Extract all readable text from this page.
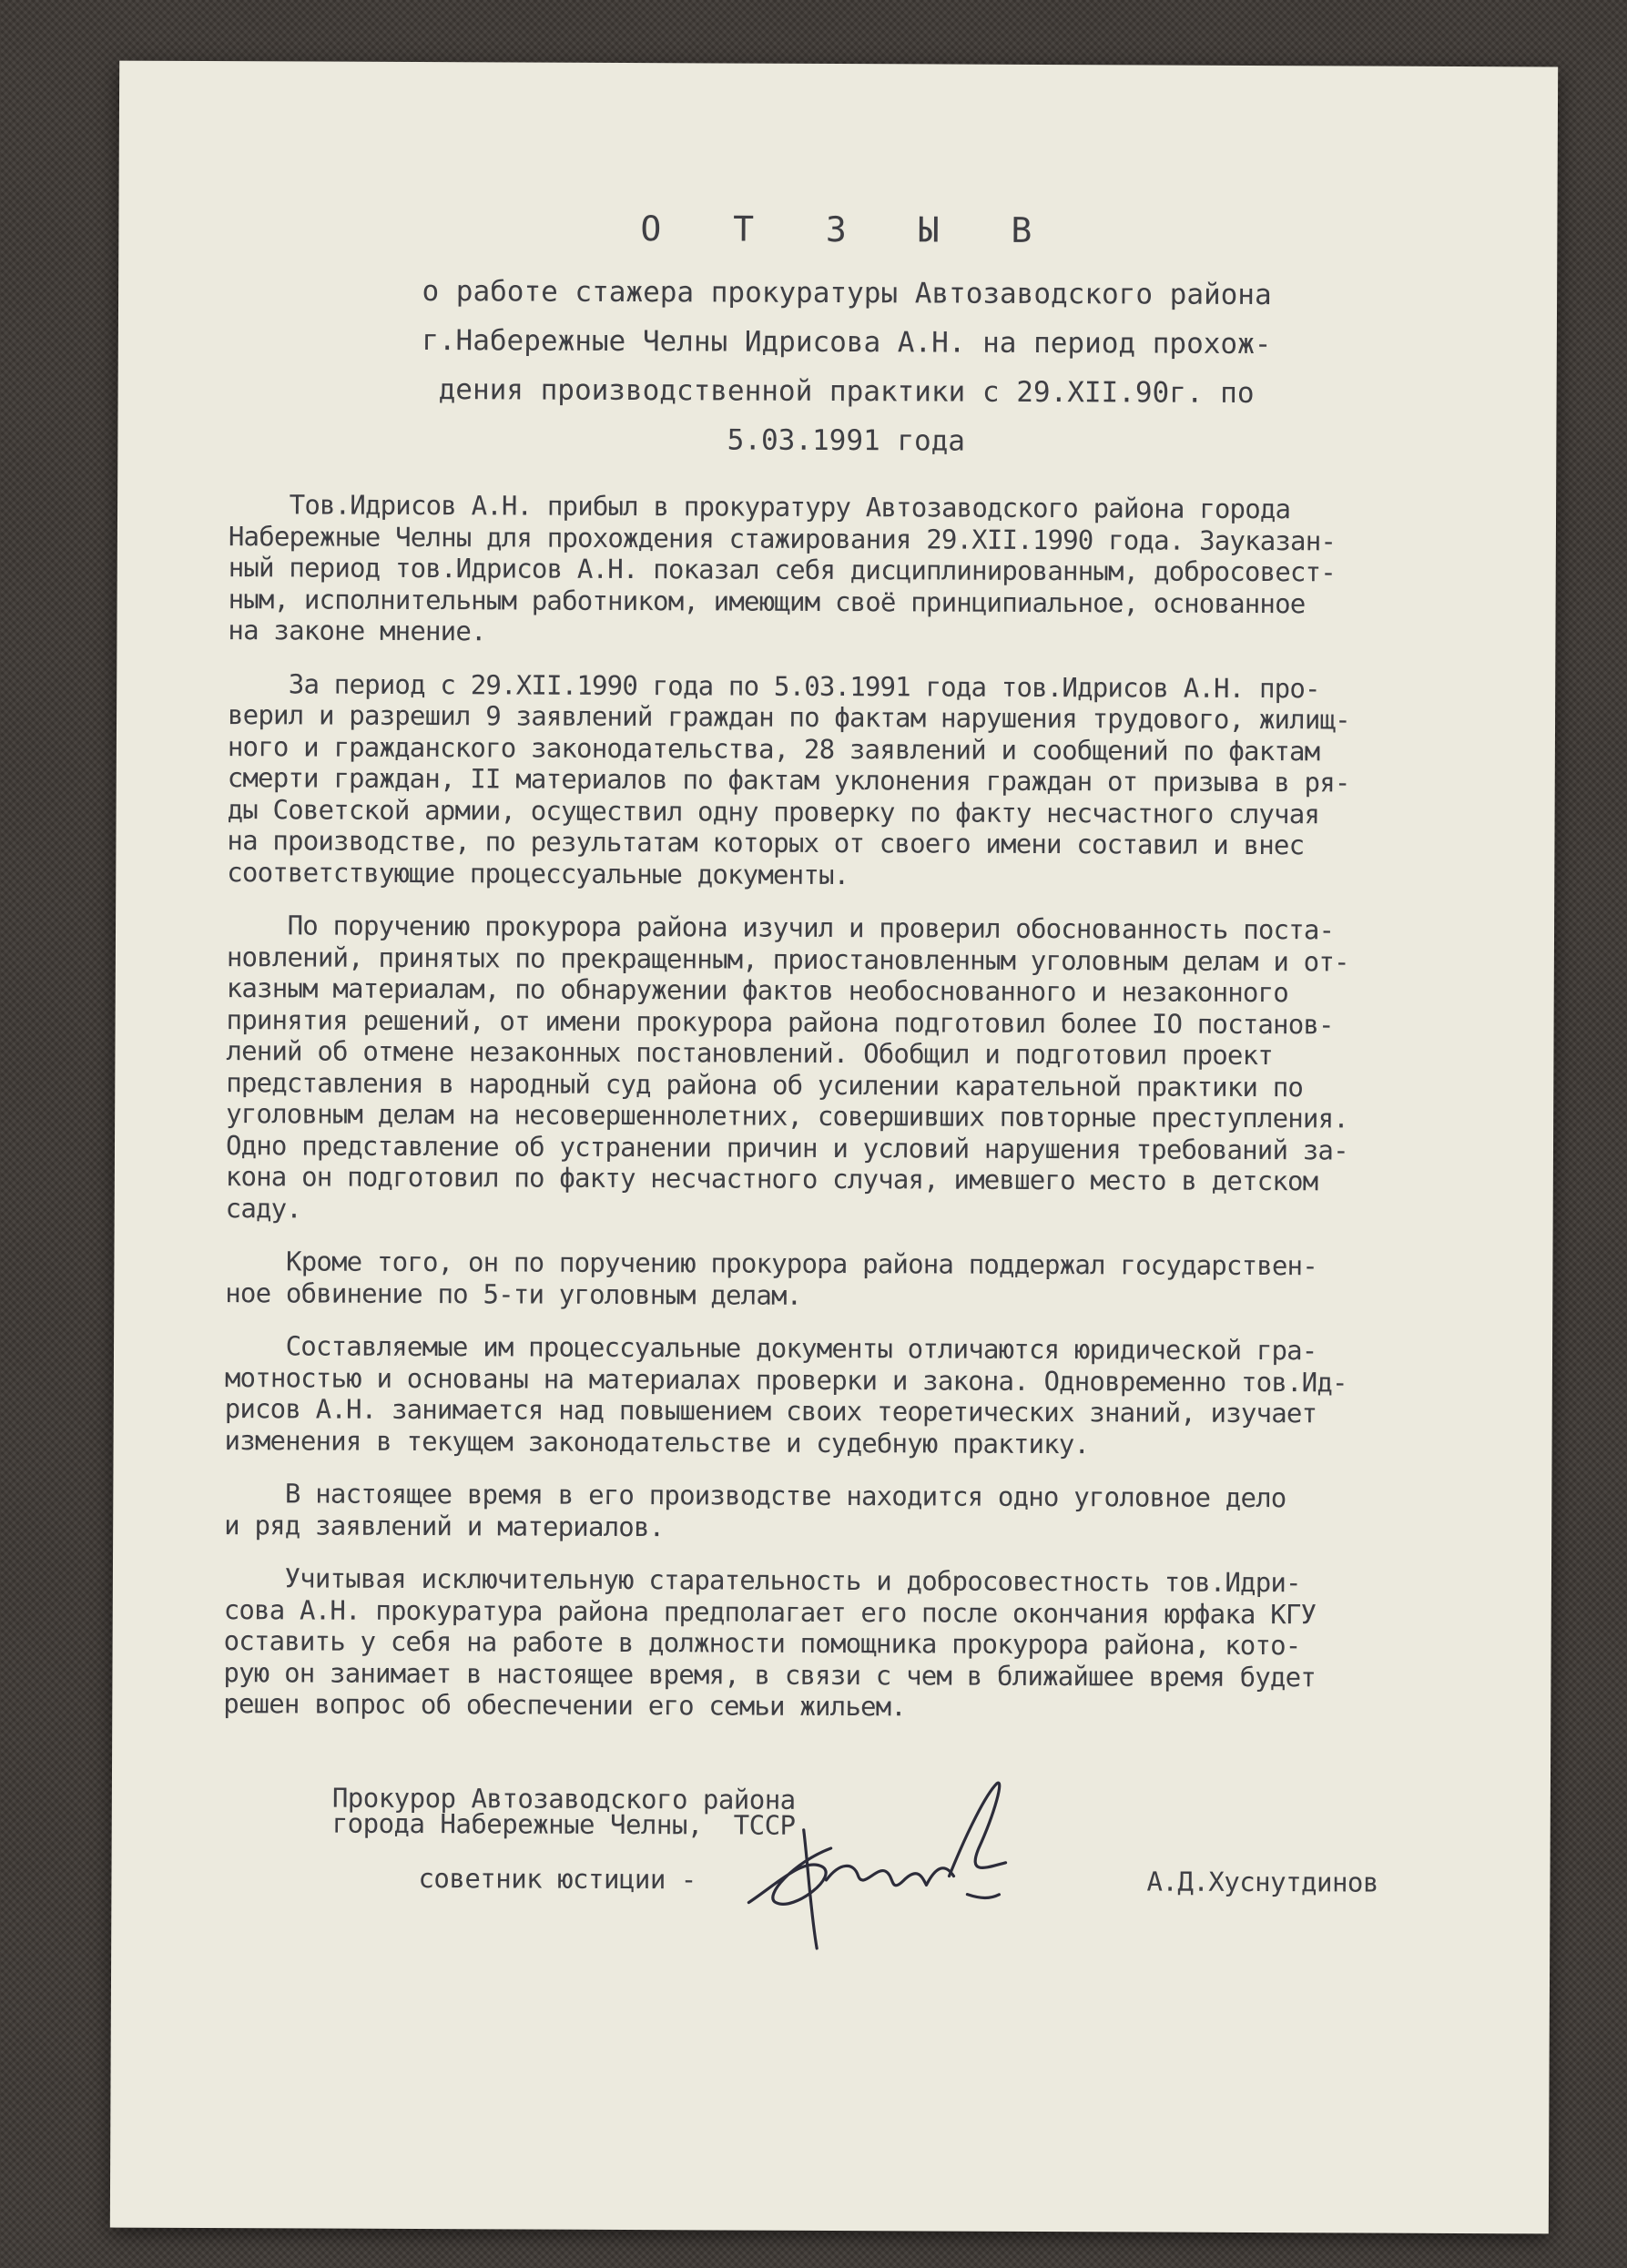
О Т З Ы В
о работе стажера прокуратуры Автозаводского района
г.Набережные Челны Идрисова А.Н. на период прохож-
дения производственной практики с 29.XII.90г. по
5.03.1991 года

Тов.Идрисов А.Н. прибыл в прокуратуру Автозаводского района города
Набережные Челны для прохождения стажирования 29.XII.1990 года. Зауказан-
ный период тов.Идрисов А.Н. показал себя дисциплинированным, добросовест-
ным, исполнительным работником, имеющим своё принципиальное, основанное
на законе мнение.

За период с 29.XII.1990 года по 5.03.1991 года тов.Идрисов А.Н. про-
верил и разрешил 9 заявлений граждан по фактам нарушения трудового, жилищ-
ного и гражданского законодательства, 28 заявлений и сообщений по фактам
смерти граждан, II материалов по фактам уклонения граждан от призыва в ря-
ды Советской армии, осуществил одну проверку по факту несчастного случая
на производстве, по результатам которых от своего имени составил и внес
соответствующие процессуальные документы.

По поручению прокурора района изучил и проверил обоснованность поста-
новлений, принятых по прекращенным, приостановленным уголовным делам и от-
казным материалам, по обнаружении фактов необоснованного и незаконного
принятия решений, от имени прокурора района подготовил более IO постанов-
лений об отмене незаконных постановлений. Обобщил и подготовил проект
представления в народный суд района об усилении карательной практики по
уголовным делам на несовершеннолетних, совершивших повторные преступления.
Одно представление об устранении причин и условий нарушения требований за-
кона он подготовил по факту несчастного случая, имевшего место в детском
саду.

Кроме того, он по поручению прокурора района поддержал государствен-
ное обвинение по 5-ти уголовным делам.

Составляемые им процессуальные документы отличаются юридической гра-
мотностью и основаны на материалах проверки и закона. Одновременно тов.Ид-
рисов А.Н. занимается над повышением своих теоретических знаний, изучает
изменения в текущем законодательстве и судебную практику.

В настоящее время в его производстве находится одно уголовное дело
и ряд заявлений и материалов.

Учитывая исключительную старательность и добросовестность тов.Идри-
сова А.Н. прокуратура района предполагает его после окончания юрфака КГУ
оставить у себя на работе в должности помощника прокурора района, кото-
рую он занимает в настоящее время, в связи с чем в ближайшее время будет
решен вопрос об обеспечении его семьи жильем.

Прокурор Автозаводского района
города Набережные Челны,  ТССР
советник юстиции -	А.Д.Хуснутдинов
